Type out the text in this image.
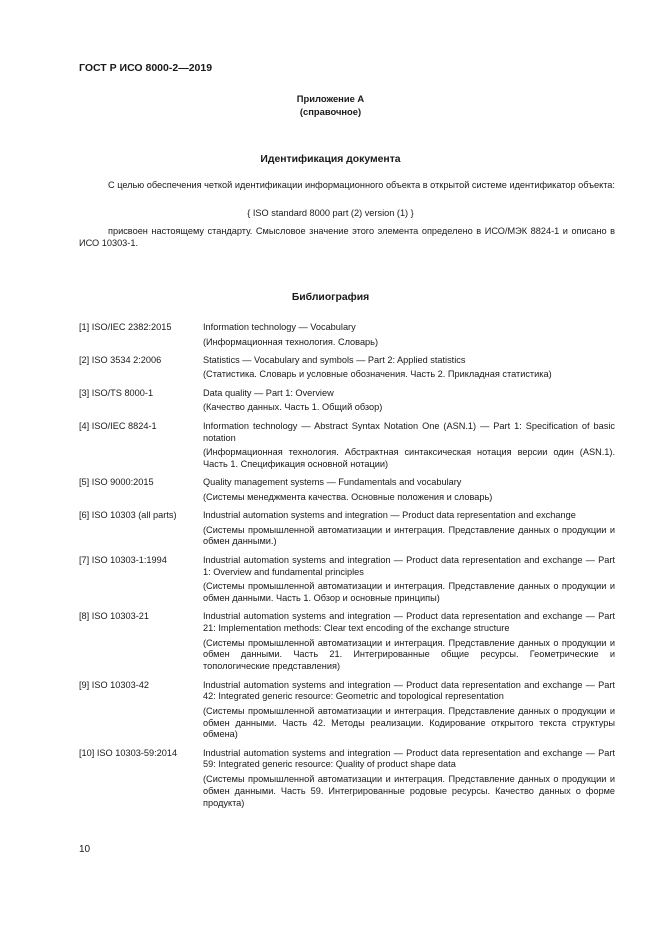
ГОСТ Р ИСО 8000-2—2019
Приложение А
(справочное)
Идентификация документа
С целью обеспечения четкой идентификации информационного объекта в открытой системе идентификатор объекта:
{ ISO standard 8000 part (2) version (1) }
присвоен настоящему стандарту. Смысловое значение этого элемента определено в ИСО/МЭК 8824-1 и описано в ИСО 10303-1.
Библиография
[1] ISO/IEC 2382:2015	Information technology — Vocabulary
(Информационная технология. Словарь)
[2] ISO 3534 2:2006	Statistics — Vocabulary and symbols — Part 2: Applied statistics
(Статистика. Словарь и условные обозначения. Часть 2. Прикладная статистика)
[3] ISO/TS 8000-1	Data quality — Part 1: Overview
(Качество данных. Часть 1. Общий обзор)
[4] ISO/IEC 8824-1	Information technology — Abstract Syntax Notation One (ASN.1) — Part 1: Specification of basic notation
(Информационная технология. Абстрактная синтаксическая нотация версии один (ASN.1). Часть 1. Спецификация основной нотации)
[5] ISO 9000:2015	Quality management systems — Fundamentals and vocabulary
(Системы менеджмента качества. Основные положения и словарь)
[6] ISO 10303 (all parts)	Industrial automation systems and integration — Product data representation and exchange
(Системы промышленной автоматизации и интеграция. Представление данных о продукции и обмен данными.)
[7] ISO 10303-1:1994	Industrial automation systems and integration — Product data representation and exchange — Part 1: Overview and fundamental principles
(Системы промышленной автоматизации и интеграция. Представление данных о продукции и обмен данными. Часть 1. Обзор и основные принципы)
[8] ISO 10303-21	Industrial automation systems and integration — Product data representation and exchange — Part 21: Implementation methods: Clear text encoding of the exchange structure
(Системы промышленной автоматизации и интеграция. Представление данных о продукции и обмен данными. Часть 21. Интегрированные общие ресурсы. Геометрические и топологические представления)
[9] ISO 10303-42	Industrial automation systems and integration — Product data representation and exchange — Part 42: Integrated generic resource: Geometric and topological representation
(Системы промышленной автоматизации и интеграция. Представление данных о продукции и обмен данными. Часть 42. Методы реализации. Кодирование открытого текста структуры обмена)
[10] ISO 10303-59:2014	Industrial automation systems and integration — Product data representation and exchange — Part 59: Integrated generic resource: Quality of product shape data
(Системы промышленной автоматизации и интеграция. Представление данных о продукции и обмен данными. Часть 59. Интегрированные родовые ресурсы. Качество данных о форме продукта)
10
